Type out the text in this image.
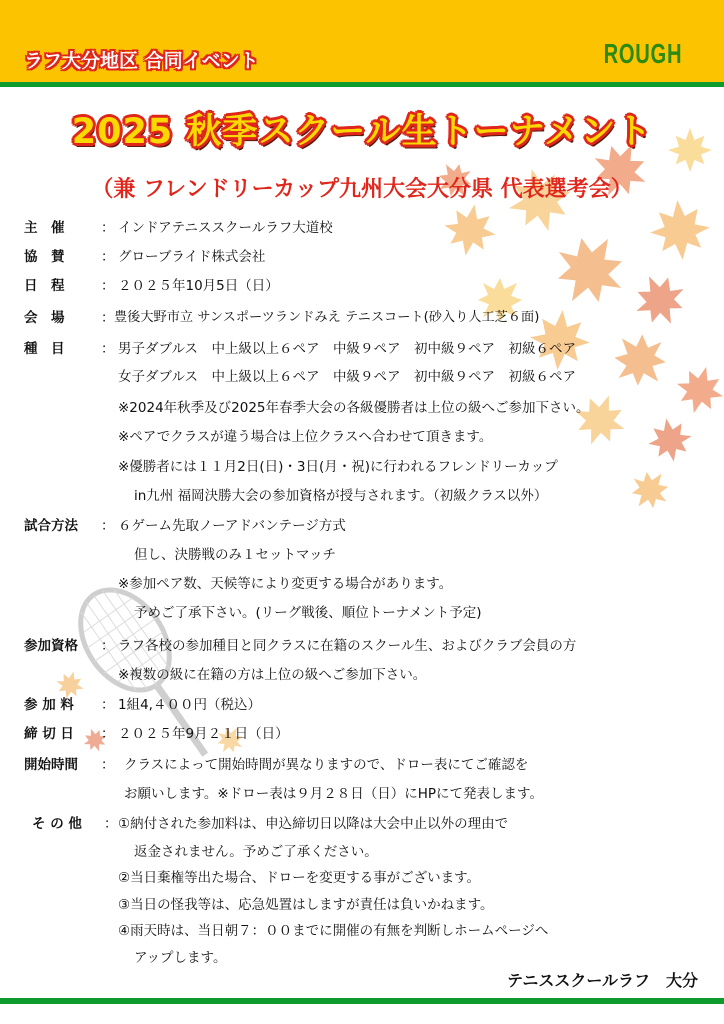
ラフ大分地区 合同イベント	ROUGH
2025 秋季スクール生トーナメント
（兼 フレンドリーカップ九州大会大分県 代表選考会）
主　催	： インドアテニススクールラフ大道校
協　賛	： グローブライド株式会社
日　程	： ２０２５年10月5日（日）
会　場	： 豊後大野市立 サンスポーツランドみえ テニスコート(砂入り人工芝６面)
種　目	： 男子ダブルス　中上級以上６ペア　中級９ペア　初中級９ペア　初級６ペア
女子ダブルス　中上級以上６ペア　中級９ペア　初中級９ペア　初級６ペア
※2024年秋季及び2025年春季大会の各級優勝者は上位の級へご参加下さい。
※ペアでクラスが違う場合は上位クラスへ合わせて頂きます。
※優勝者には１１月2日(日)・3日(月・祝)に行われるフレンドリーカップ
in九州 福岡決勝大会の参加資格が授与されます。（初級クラス以外）
試合方法 ： ６ゲーム先取ノーアドバンテージ方式
但し、決勝戦のみ１セットマッチ
※参加ペア数、天候等により変更する場合があります。
予めご了承下さい。(リーグ戦後、順位トーナメント予定)
参加資格 ： ラフ各校の参加種目と同クラスに在籍のスクール生、およびクラブ会員の方
※複数の級に在籍の方は上位の級へご参加下さい。
参 加 料 ： 1組4,４００円（税込）
締 切 日 ： ２０２５年9月２１日（日）
開始時間 ： クラスによって開始時間が異なりますので、ドロー表にてご確認を
お願いします。※ドロー表は９月２８日（日）にHPにて発表します。
そ の 他 ： ①納付された参加料は、申込締切日以降は大会中止以外の理由で
返金されません。予めご了承ください。
②当日棄権等出た場合、ドローを変更する事がございます。
③当日の怪我等は、応急処置はしますが責任は負いかねます。
④雨天時は、当日朝７：００までに開催の有無を判断しホームページへ
アップします。
テニススクールラフ　大分
